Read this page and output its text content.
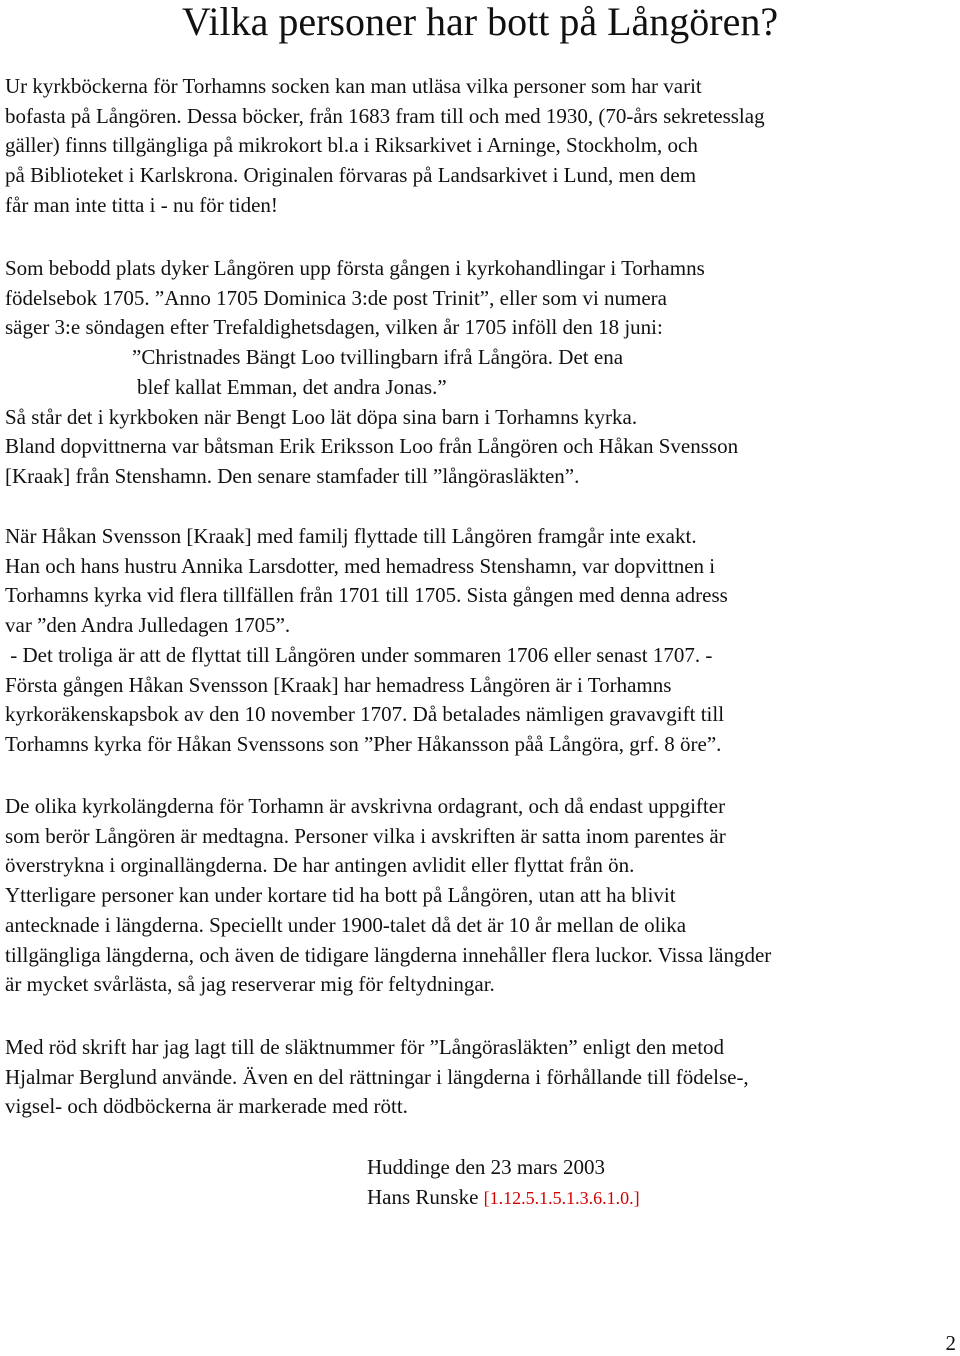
Vilka personer har bott på Långören?
Ur kyrkböckerna för Torhamns socken kan man utläsa vilka personer som har varit
bofasta på Långören. Dessa böcker, från 1683 fram till och med 1930, (70-års sekretesslag
gäller) finns tillgängliga på mikrokort bl.a i Riksarkivet i Arninge, Stockholm, och
på Biblioteket i Karlskrona. Originalen förvaras på Landsarkivet i Lund, men dem
får man inte titta i - nu för tiden!
Som bebodd plats dyker Långören upp första gången i kyrkohandlingar i Torhamns
födelsebok 1705. ”Anno 1705 Dominica 3:de post Trinit”, eller som vi numera
säger 3:e söndagen efter Trefaldighetsdagen, vilken år 1705 inföll den 18 juni:
”Christnades Bängt Loo tvillingbarn ifrå Långöra. Det ena
blef kallat Emman, det andra Jonas.”
Så står det i kyrkboken när Bengt Loo lät döpa sina barn i Torhamns kyrka.
Bland dopvittnerna var båtsman Erik Eriksson Loo från Långören och Håkan Svensson
[Kraak] från Stenshamn. Den senare stamfader till ”långörasläkten”.
När Håkan Svensson [Kraak] med familj flyttade till Långören framgår inte exakt.
Han och hans hustru Annika Larsdotter, med hemadress Stenshamn, var dopvittnen i
Torhamns kyrka vid flera tillfällen från 1701 till 1705. Sista gången med denna adress
var ”den Andra Julledagen 1705”.
- Det troliga är att de flyttat till Långören under sommaren 1706 eller senast 1707. -
Första gången Håkan Svensson [Kraak] har hemadress Långören är i Torhamns
kyrkoräkenskapsbok av den 10 november 1707. Då betalades nämligen gravavgift till
Torhamns kyrka för Håkan Svenssons son ”Pher Håkansson påå Långöra, grf. 8 öre”.
De olika kyrkolängderna för Torhamn är avskrivna ordagrant, och då endast uppgifter
som berör Långören är medtagna. Personer vilka i avskriften är satta inom parentes är
överstrykna i orginallängderna. De har antingen avlidit eller flyttat från ön.
Ytterligare personer kan under kortare tid ha bott på Långören, utan att ha blivit
antecknade i längderna. Speciellt under 1900-talet då det är 10 år mellan de olika
tillgängliga längderna, och även de tidigare längderna innehåller flera luckor. Vissa längder
är mycket svårlästa, så jag reserverar mig för feltydningar.
Med röd skrift har jag lagt till de släktnummer för ”Långörasläkten” enligt den metod
Hjalmar Berglund använde. Även en del rättningar i längderna i förhållande till födelse-,
vigsel- och dödböckerna är markerade med rött.
Huddinge den 23 mars 2003
Hans Runske [1.12.5.1.5.1.3.6.1.0.]
2
